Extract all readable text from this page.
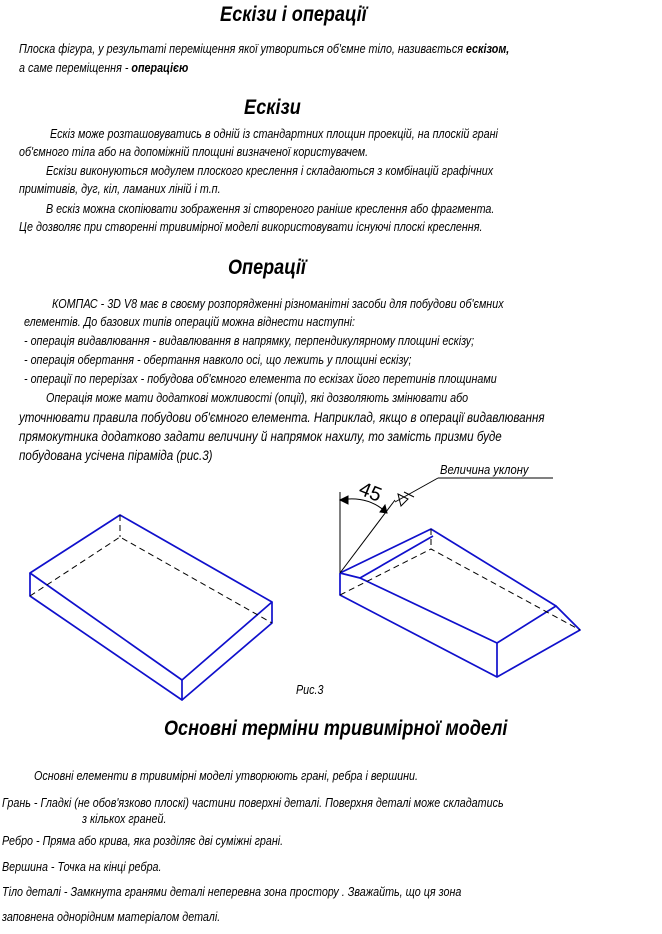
Ескізи і операції
Плоска фігура, у результаті переміщення якої утвориться об'ємне тіло, називається ескізом,
а саме переміщення - операцією
Ескізи
Ескіз може розташовуватись в одній із стандартних площин проекцій, на плоскій грані
об'ємного тіла або на допоміжній площині визначеної користувачем.
Ескізи виконуються модулем плоского креслення і складаються з комбінацій графічних
примітивів, дуг, кіл, ламаних ліній і т.п.
В ескіз можна скопіювати зображення зі створеного раніше креслення або фрагмента.
Це дозволяє при створенні тривимірної моделі використовувати існуючі плоскі креслення.
Операції
КОМПАС - 3D V8 має в своєму розпорядженні різноманітні засоби для побудови об'ємних
елементів. До базових типів операцій можна віднести наступні:
- операція видавлювання - видавлювання в напрямку, перпендикулярному площині ескізу;
- операція обертання - обертання навколо осі, що лежить у площині ескізу;
- операції по перерізах - побудова об'ємного елемента по ескізах його перетинів площинами
Операція може мати додаткові можливості (опції), які дозволяють змінювати або
уточнювати правила побудови об'ємного елемента. Наприклад, якщо в операції видавлювання
прямокутника додатково задати величину й напрямок нахилу, то замість призми буде
побудована усічена піраміда (рис.3)
Величина уклону
45
Рис.3
Основні терміни тривимірної моделі
Основні елементи в тривимірні моделі утворюють грані, ребра і вершини.
Грань - Гладкі (не обов'язково плоскі) частини поверхні деталі. Поверхня деталі може складатись
з кількох граней.
Ребро - Пряма або крива, яка розділяє дві суміжні грані.
Вершина - Точка на кінці ребра.
Тіло деталі - Замкнута гранями деталі неперевна зона простору . Зважайть, що ця зона
заповнена однорідним матеріалом деталі.
